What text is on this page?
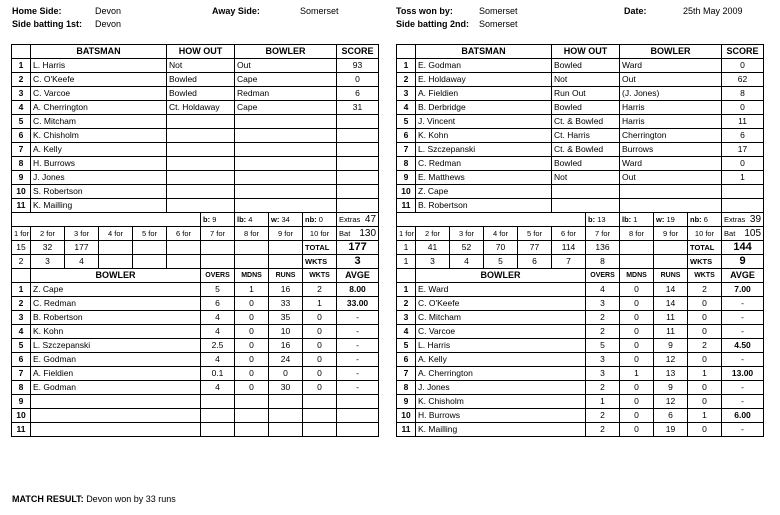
Home Side:	Devon	Away Side:	Somerset	Toss won by:	Somerset	Date:	25th May 2009
Side batting 1st: Devon	Side batting 2nd: Somerset
	BATSMAN				HOW OUT		BOWLER			SCORE
1	L. Harris				Not		Out			93
2	C. O'Keefe				Bowled		Cape			0
3	C. Varcoe				Bowled		Redman			6
4	A. Cherrington				Ct. Holdaway		Cape			31
5	C. Mitcham									
6	K. Chisholm									
7	A. Kelly									
8	H. Burrows									
9	J. Jones									
10	S. Robertson									
11	K. Mailling									
						b: 9	lb: 4	w: 34	nb: 0	Extras 47

1 for	2 for	3 for	4 for	5 for	6 for	7 for	8 for	9 for	10 for	Bat 130

15	32	177							TOTAL	177
2	3	4							WKTS	3
	BOWLER					OVERS	MDNS	RUNS	WKTS	AVGE
1	Z. Cape					5	1	16	2	8.00
2	C. Redman					6	0	33	1	33.00
3	B. Robertson					4	0	35	0	-
4	K. Kohn					4	0	10	0	-
5	L. Szczepanski					2.5	0	16	0	-
6	E. Godman					4	0	24	0	-
7	A. Fieldien					0.1	0	0	0	-
8	E. Godman					4	0	30	0	-
9										
10										
11										
	BATSMAN				HOW OUT		BOWLER			SCORE
1	E. Godman				Bowled		Ward			0
2	E. Holdaway				Not		Out			62
3	A. Fieldien				Run Out		(J. Jones)			8
4	B. Derbridge				Bowled		Harris			0
5	J. Vincent				Ct. & Bowled		Harris			11
6	K. Kohn				Ct. Harris		Cherrington			6
7	L. Szczepanski				Ct. & Bowled		Burrows			17
8	C. Redman				Bowled		Ward			0
9	E. Matthews				Not		Out			1
10	Z. Cape									
11	B. Robertson									
						b: 13	lb: 1	w: 19	nb: 6	Extras 39

1 for	2 for	3 for	4 for	5 for	6 for	7 for	8 for	9 for	10 for	Bat 105

1	41	52	70	77	114	136			TOTAL	144
1	3	4	5	6	7	8			WKTS	9
	BOWLER					OVERS	MDNS	RUNS	WKTS	AVGE
1	E. Ward					4	0	14	2	7.00
2	C. O'Keefe					3	0	14	0	-
3	C. Mitcham					2	0	11	0	-
4	C. Varcoe					2	0	11	0	-
5	L. Harris					5	0	9	2	4.50
6	A. Kelly					3	0	12	0	-
7	A. Cherrington					3	1	13	1	13.00
8	J. Jones					2	0	9	0	-
9	K. Chisholm					1	0	12	0	-
10	H. Burrows					2	0	6	1	6.00
11	K. Mailling					2	0	19	0	-
MATCH RESULT: Devon won by 33 runs
